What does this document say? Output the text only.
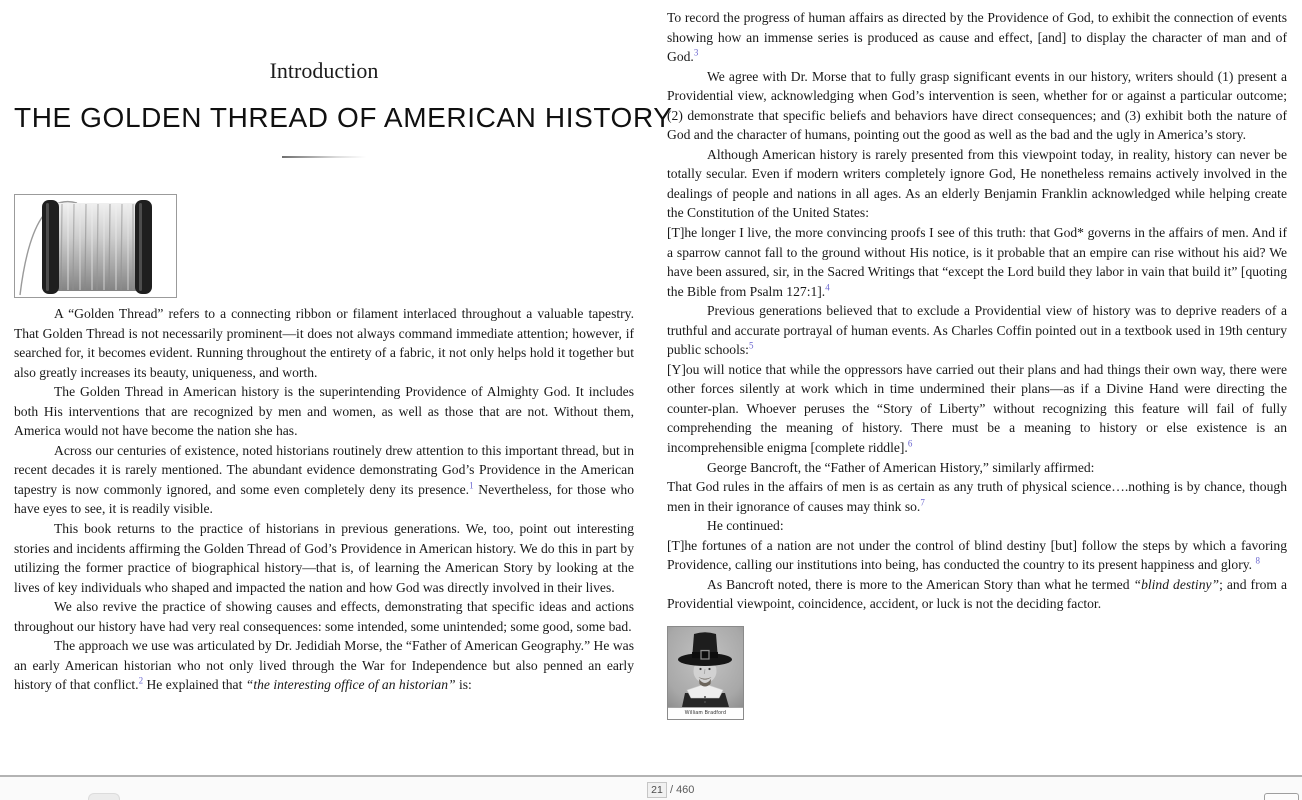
Introduction
THE GOLDEN THREAD OF AMERICAN HISTORY

A “Golden Thread” refers to a connecting ribbon or filament interlaced throughout a valuable tapestry. That Golden Thread is not necessarily prominent—it does not always command immediate attention; however, if searched for, it becomes evident. Running throughout the entirety of a fabric, it not only helps hold it together but also greatly increases its beauty, uniqueness, and worth.

The Golden Thread in American history is the superintending Providence of Almighty God. It includes both His interventions that are recognized by men and women, as well as those that are not. Without them, America would not have become the nation she has.

Across our centuries of existence, noted historians routinely drew attention to this important thread, but in recent decades it is rarely mentioned. The abundant evidence demonstrating God’s Providence in the American tapestry is now commonly ignored, and some even completely deny its presence.$^1$ Nevertheless, for those who have eyes to see, it is readily visible.

This book returns to the practice of historians in previous generations. We, too, point out interesting stories and incidents affirming the Golden Thread of God’s Providence in American history. We do this in part by utilizing the former practice of biographical history—that is, of learning the American Story by looking at the lives of key individuals who shaped and impacted the nation and how God was directly involved in their lives.

We also revive the practice of showing causes and effects, demonstrating that specific ideas and actions throughout our history have had very real consequences: some intended, some unintended; some good, some bad.

The approach we use was articulated by Dr. Jedidiah Morse, the “Father of American Geography.” He was an early American historian who not only lived through the War for Independence but also penned an early history of that conflict.$^2$ He explained that “the interesting office of an historian” is:

To record the progress of human affairs as directed by the Providence of God, to exhibit the connection of events showing how an immense series is produced as cause and effect, [and] to display the character of man and of God.$^3$

We agree with Dr. Morse that to fully grasp significant events in our history, writers should (1) present a Providential view, acknowledging when God’s intervention is seen, whether for or against a particular outcome; (2) demonstrate that specific beliefs and behaviors have direct consequences; and (3) exhibit both the nature of God and the character of humans, pointing out the good as well as the bad and the ugly in America’s story.

Although American history is rarely presented from this viewpoint today, in reality, history can never be totally secular. Even if modern writers completely ignore God, He nonetheless remains actively involved in the dealings of people and nations in all ages. As an elderly Benjamin Franklin acknowledged while helping create the Constitution of the United States:

[T]he longer I live, the more convincing proofs I see of this truth: that God* governs in the affairs of men. And if a sparrow cannot fall to the ground without His notice, is it probable that an empire can rise without his aid? We have been assured, sir, in the Sacred Writings that “except the Lord build they labor in vain that build it” [quoting the Bible from Psalm 127:1].$^4$

Previous generations believed that to exclude a Providential view of history was to deprive readers of a truthful and accurate portrayal of human events. As Charles Coffin pointed out in a textbook used in 19th century public schools:$^5$

[Y]ou will notice that while the oppressors have carried out their plans and had things their own way, there were other forces silently at work which in time undermined their plans—as if a Divine Hand were directing the counter-plan. Whoever peruses the “Story of Liberty” without recognizing this feature will fail of fully comprehending the meaning of history. There must be a meaning to history or else existence is an incomprehensible enigma [complete riddle].$^6$

George Bancroft, the “Father of American History,” similarly affirmed:

That God rules in the affairs of men is as certain as any truth of physical science….nothing is by chance, though men in their ignorance of causes may think so.$^7$

He continued:

[T]he fortunes of a nation are not under the control of blind destiny [but] follow the steps by which a favoring Providence, calling our institutions into being, has conducted the country to its present happiness and glory. $^8$

As Bancroft noted, there is more to the American Story than what he termed “blind destiny”; and from a Providential viewpoint, coincidence, accident, or luck is not the deciding factor.

William Bradford
21
/ 460
